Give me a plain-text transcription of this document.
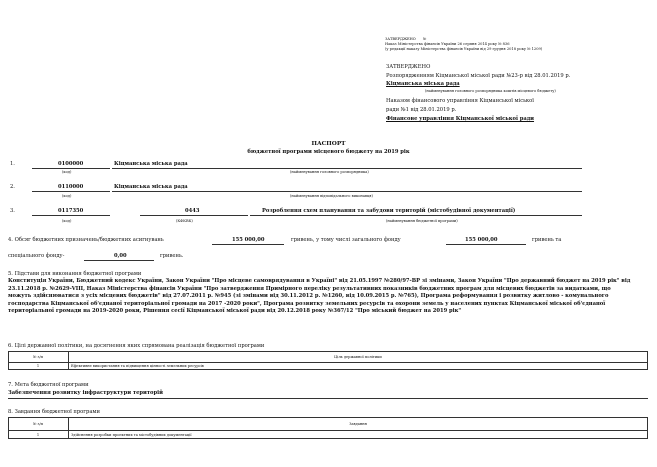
ЗАТВЕРДЖЕНО №
Наказ Міністерства фінансів України 26 серпня 2014 року № 836
(у редакції наказу Міністерства фінансів України від 29 грудня 2018 року № 1209)
ЗАТВЕРДЖЕНО
Розпорядженням Кіцманської міської ради №23-р від 28.01.2019 р.
Кіцманська міська рада
(найменування головного розпорядника коштів місцевого бюджету)
Наказом фінансового управління Кіцманської міської
ради №1 від 28.01.2019 р.
Фінансове управління Кіцманської міської ради
ПАСПОРТ
бюджетної програми місцевого бюджету на 2019 рік
1.	0100000	Кіцманська міська рада
(код)	(найменування головного розпорядника)
2.	0110000	Кіцманська міська рада
(код)	(найменування відповідального виконавця)
3.	0117350	0443	Розроблення схем планування та забудови територій (містобудівної документації)
(код)	(КФКВК)	(найменування бюджетної програми)
4. Обсяг бюджетних призначень/бюджетних асигнувань	155 000,00	гривень, у тому числі загального фонду	155 000,00	гривень та
спеціального фонду-	0,00	гривень.
5. Підстави для виконання бюджетної програми
Конституція України, Бюджетний кодекс України, Закон України "Про місцеве самоврядування в Україні" від 21.05.1997 №280/97-ВР зі змінами, Закон України "Про державний бюджет на 2019 рік" від 23.11.2018 р. №2629-VIII, Наказ Міністерства фінансів України "Про затвердження Примірного переліку результативних показників бюджетних програм для місцевих бюджетів за видатками, що можуть здійснюватися з усіх місцевих бюджетів" від 27.07.2011 р. №945 (зі змінами від 30.11.2012 р. №1260, від 10.09.2015 р. №765), Програма реформування і розвитку житлово - комунального господарства Кіцманської об'єднаної територіальної громади на 2017 -2020 роки", Програма розвитку земельних ресурсів та охорони земель у населених пунктах Кіцманської міської об'єднаної територіальної громади на 2019-2020 роки, Рішення сесії Кіцманської міської ради від 20.12.2018 року №367/12 "Про міський бюджет на 2019 рік"
6. Цілі державної політики, на досягнення яких спрямована реалізація бюджетної програми
№ з/п	Ціль державної політики
1	Ефективне використання та підвищення цінності земельних ресурсів
7. Мета бюджетної програми
Забезпечення розвитку інфраструктури територій
8. Завдання бюджетної програми
№ з/п	Завдання
1	Здійснення розробки проектних та містобудівних документації
